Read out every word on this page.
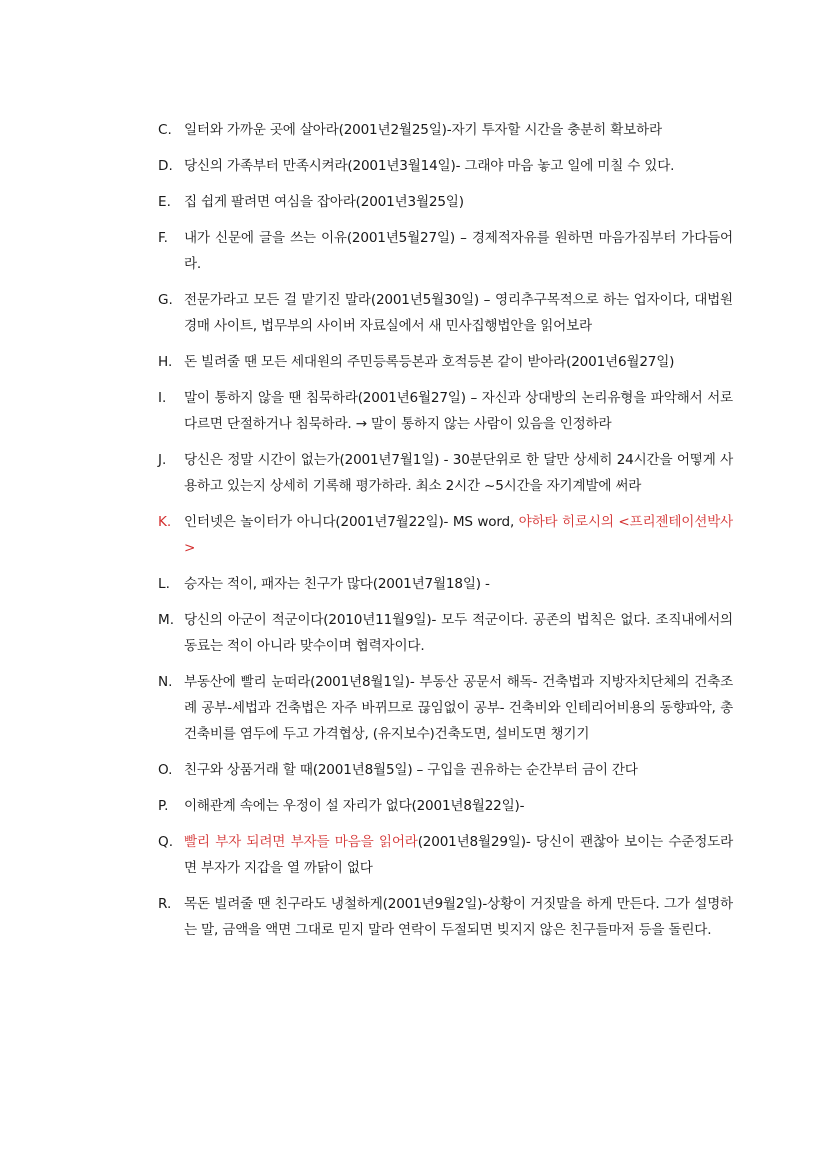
C. 일터와 가까운 곳에 살아라(2001년2월25일)-자기 투자할 시간을 충분히 확보하라
D. 당신의 가족부터 만족시켜라(2001년3월14일)- 그래야 마음 놓고 일에 미칠 수 있다.
E. 집 쉽게 팔려면 여심을 잡아라(2001년3월25일)
F.	내가 신문에 글을 쓰는 이유(2001년5월27일) – 경제적자유를 원하면 마음가짐부터 가다듬어라.
G. 전문가라고 모든 걸 맡기진 말라(2001년5월30일) – 영리추구목적으로 하는 업자이다, 대법원 경매 사이트, 법무부의 사이버 자료실에서 새 민사집행법안을 읽어보라
H. 돈 빌려줄 땐 모든 세대원의 주민등록등본과 호적등본 같이 받아라(2001년6월27일)
I.	말이 통하지 않을 땐 침묵하라(2001년6월27일) – 자신과 상대방의 논리유형을 파악해서 서로 다르면 단절하거나 침묵하라. → 말이 통하지 않는 사람이 있음을 인정하라
J.	당신은 정말 시간이 없는가(2001년7월1일) - 30분단위로 한 달만 상세히 24시간을 어떻게 사용하고 있는지 상세히 기록해 평가하라. 최소 2시간 ~5시간을 자기계발에 써라
K. 인터넷은 놀이터가 아니다(2001년7월22일)- MS word, 야하타 히로시의 <프리젠테이션박사>
L.	승자는 적이, 패자는 친구가 많다(2001년7월18일) -
M. 당신의 아군이 적군이다(2010년11월9일)- 모두 적군이다. 공존의 법칙은 없다. 조직내에서의 동료는 적이 아니라 맞수이며 협력자이다.
N. 부동산에 빨리 눈떠라(2001년8월1일)- 부동산 공문서 해독- 건축법과 지방자치단체의 건축조례 공부-세법과 건축법은 자주 바뀌므로 끊임없이 공부- 건축비와 인테리어비용의 동향파악, 총건축비를 염두에 두고 가격협상, (유지보수)건축도면, 설비도면 챙기기
O. 친구와 상품거래 할 때(2001년8월5일) – 구입을 권유하는 순간부터 금이 간다
P.	이해관계 속에는 우정이 설 자리가 없다(2001년8월22일)-
Q. 빨리 부자 되려면 부자들 마음을 읽어라(2001년8월29일)- 당신이 괜찮아 보이는 수준정도라면 부자가 지갑을 열 까닭이 없다
R. 목돈 빌려줄 땐 친구라도 냉철하게(2001년9월2일)-상황이 거짓말을 하게 만든다. 그가 설명하는 말, 금액을 액면 그대로 믿지 말라 연락이 두절되면 빚지지 않은 친구들마저 등을 돌린다.
